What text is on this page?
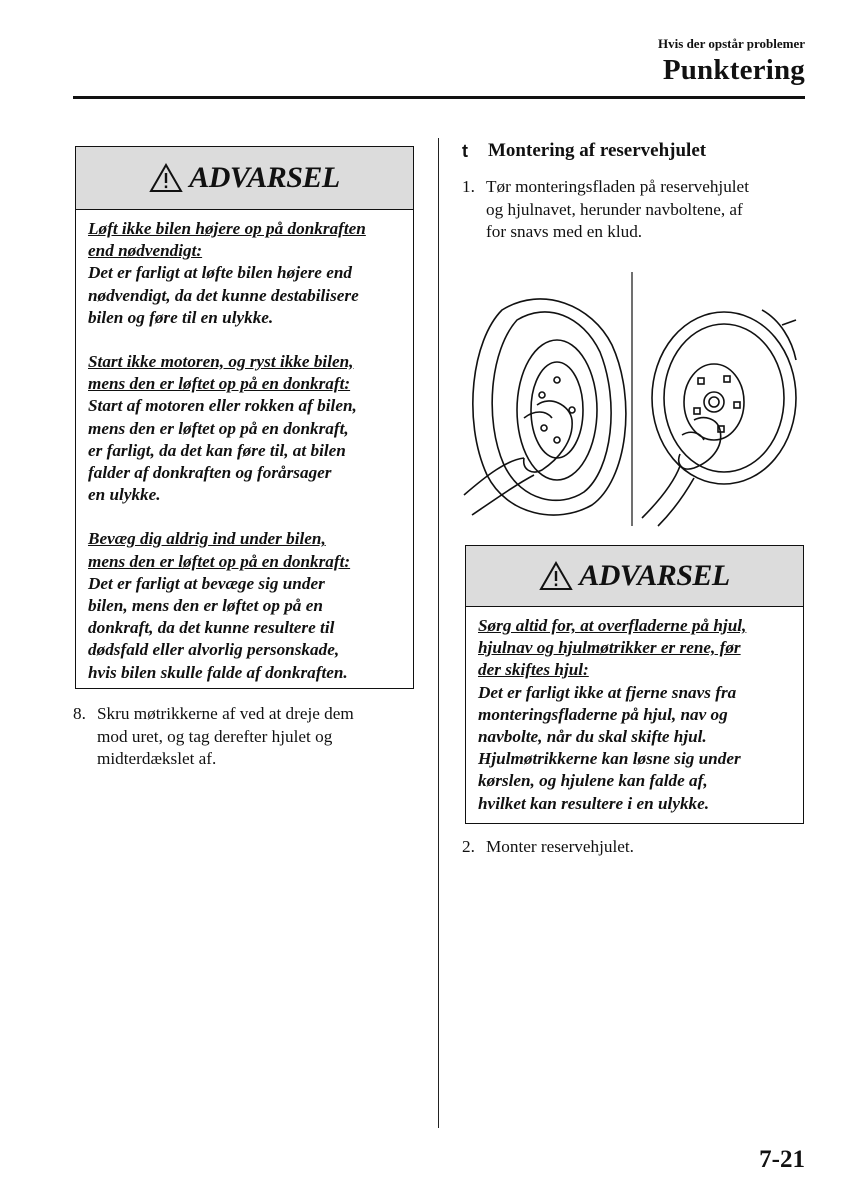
Hvis der opstår problemer
Punktering
ADVARSEL

Løft ikke bilen højere op på donkraften
end nødvendigt:
Det er farligt at løfte bilen højere end
nødvendigt, da det kunne destabilisere
bilen og føre til en ulykke.

Start ikke motoren, og ryst ikke bilen,
mens den er løftet op på en donkraft:
Start af motoren eller rokken af bilen,
mens den er løftet op på en donkraft,
er farligt, da det kan føre til, at bilen
falder af donkraften og forårsager
en ulykke.

Bevæg dig aldrig ind under bilen,
mens den er løftet op på en donkraft:
Det er farligt at bevæge sig under
bilen, mens den er løftet op på en
donkraft, da det kunne resultere til
dødsfald eller alvorlig personskade,
hvis bilen skulle falde af donkraften.

8. Skru møtrikkerne af ved at dreje dem
mod uret, og tag derefter hjulet og
midterdækslet af.
t	Montering af reservehjulet
1. Tør monteringsfladen på reservehjulet
og hjulnavet, herunder navboltene, af
for snavs med en klud.
ADVARSEL

Sørg altid for, at overfladerne på hjul,
hjulnav og hjulmøtrikker er rene, før
der skiftes hjul:
Det er farligt ikke at fjerne snavs fra
monteringsfladerne på hjul, nav og
navbolte, når du skal skifte hjul.
Hjulmøtrikkerne kan løsne sig under
kørslen, og hjulene kan falde af,
hvilket kan resultere i en ulykke.

2. Monter reservehjulet.
7-21
